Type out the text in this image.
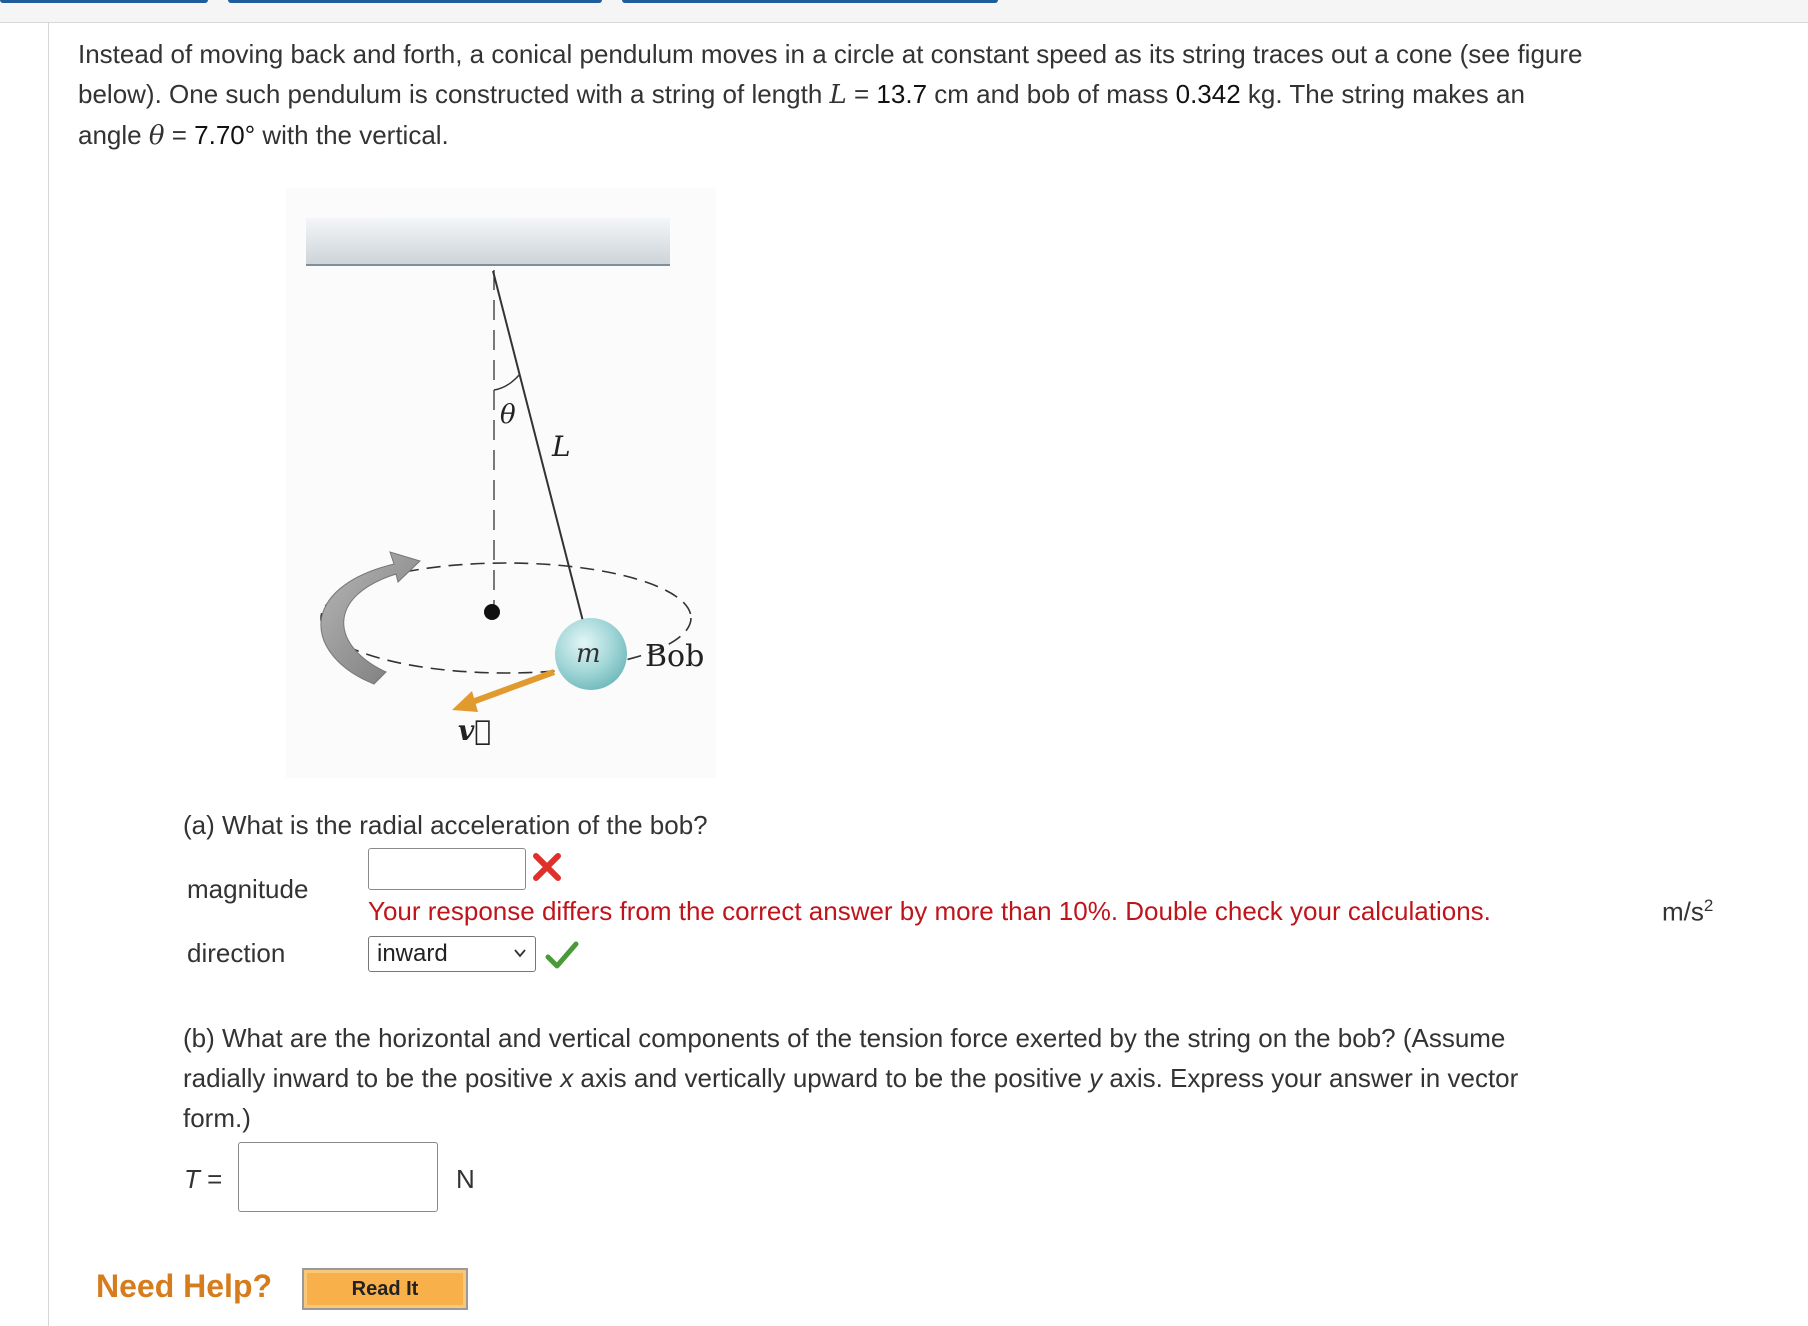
Instead of moving back and forth, a conical pendulum moves in a circle at constant speed as its string traces out a cone (see figure
below). One such pendulum is constructed with a string of length L = 13.7 cm and bob of mass 0.342 kg. The string makes an
angle θ = 7.70° with the vertical.
θ
L
m Bob
v⃗
(a) What is the radial acceleration of the bob?
magnitude
Your response differs from the correct answer by more than 10%. Double check your calculations.	$m/s^2$
direction	inward
(b) What are the horizontal and vertical components of the tension force exerted by the string on the bob? (Assume
radially inward to be the positive x axis and vertically upward to be the positive y axis. Express your answer in vector
form.)
T =	N
Need Help?	Read It
